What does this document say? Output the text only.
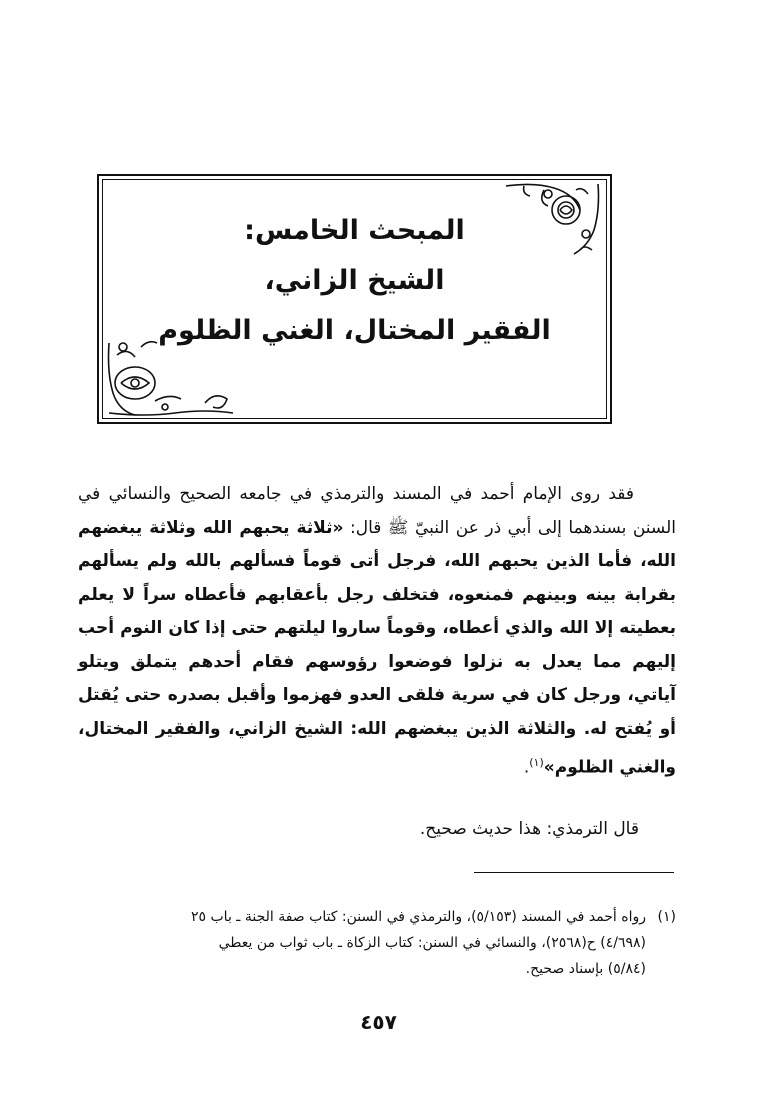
المبحث الخامس:
الشيخ الزاني،
الفقير المختال، الغني الظلوم
فقد روى الإمام أحمد في المسند والترمذي في جامعه الصحيح والنسائي في السنن بسندهما إلى أبي ذر عن النبيّ ﷺ قال: «ثلاثة يحبهم الله وثلاثة يبغضهم الله، فأما الذين يحبهم الله، فرجل أتى قوماً فسألهم بالله ولم يسألهم بقرابة بينه وبينهم فمنعوه، فتخلف رجل بأعقابهم فأعطاه سراً لا يعلم بعطيته إلا الله والذي أعطاه، وقوماً ساروا ليلتهم حتى إذا كان النوم أحب إليهم مما يعدل به نزلوا فوضعوا رؤوسهم فقام أحدهم يتملق ويتلو آياتي، ورجل كان في سرية فلقى العدو فهزموا وأقبل بصدره حتى يُقتل أو يُفتح له. والثلاثة الذين يبغضهم الله: الشيخ الزاني، والفقير المختال، والغني الظلوم»$^{(١)}$.
قال الترمذي: هذا حديث صحيح.
(١)رواه أحمد في المسند (٥/١٥٣)، والترمذي في السنن: كتاب صفة الجنة ـ باب ٢٥
(٤/٦٩٨) ح(٢٥٦٨)، والنسائي في السنن: كتاب الزكاة ـ باب ثواب من يعطي
(٥/٨٤) بإسناد صحيح.
٤٥٧
